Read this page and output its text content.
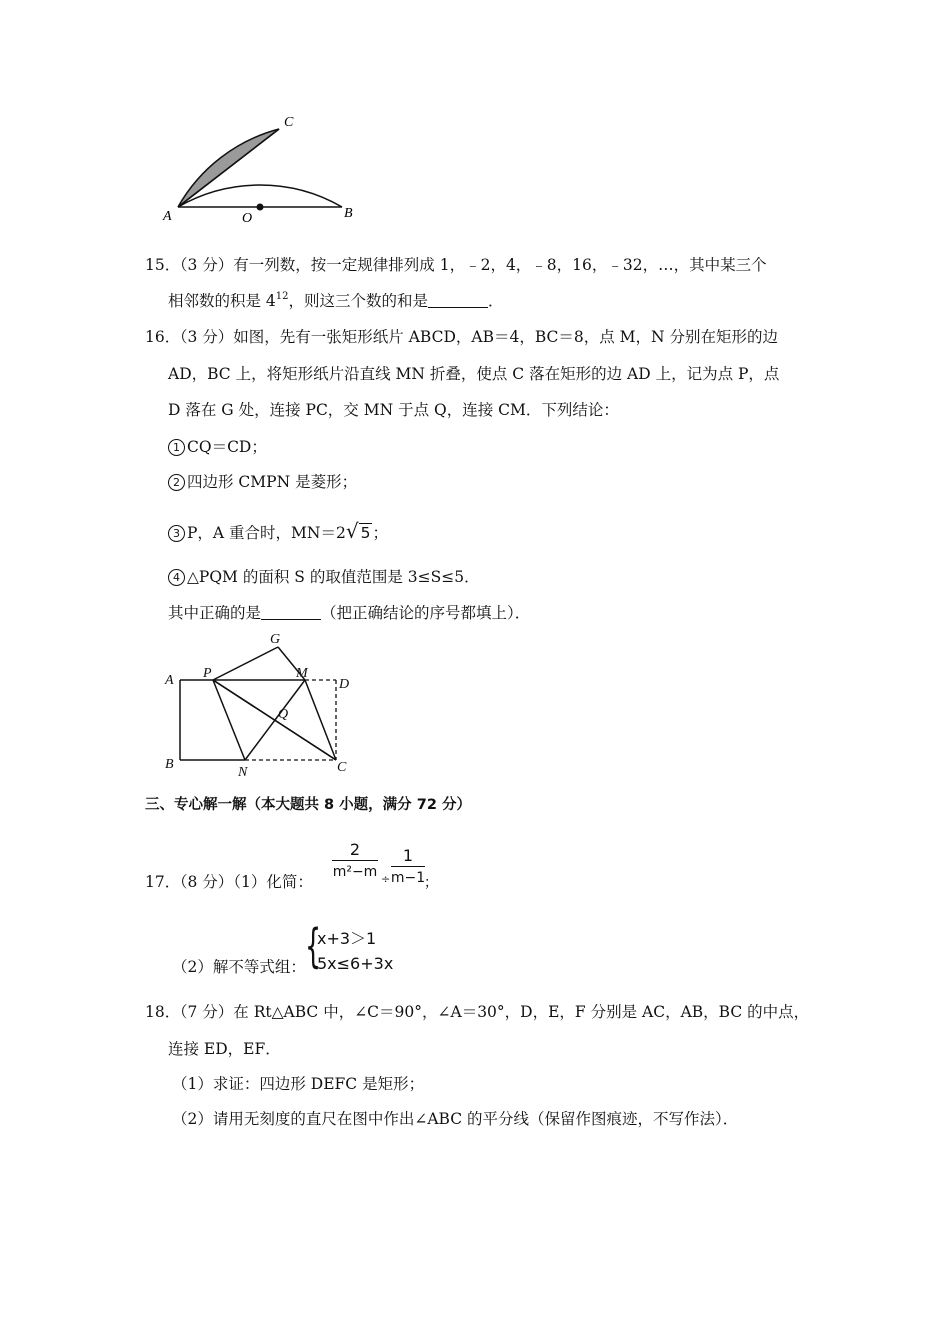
A	O	B
C
15．
（3 分）有一列数，按一定规律排列成 1，﹣2，4，﹣8，16，﹣32，…，其中某三个
相邻数的积是 $4^{12}$，则这三个数的和是	．
16．
（3 分）如图，先有一张矩形纸片 ABCD，AB＝4，BC＝8，点 M，N 分别在矩形的边
AD，BC 上，将矩形纸片沿直线 MN 折叠，使点 C 落在矩形的边 AD 上，记为点 P，点
D 落在 G 处，连接 PC，交 MN 于点 Q，连接 CM．下列结论：
1 CQ＝CD；
2 四边形 CMPN 是菱形；
3 P，A 重合时，MN＝2√ 5 ；
4 △PQM 的面积 S 的取值范围是 3≤S≤5．
其中正确的是	（把正确结论的序号都填上）．
G
A P	M
D
Q
B
N	C
三、专心解一解（本大题共 8 小题，满分 72 分）
17．
（8 分）（1）化简：
2
m²−m ÷
1
m−1
；
（2）解不等式组： {
x+3＞1
5x≤6+3x
18．
（7 分）在 Rt△ABC 中，∠C＝90°，∠A＝30°，D，E，F 分别是 AC，AB，BC 的中点，
连接 ED，EF．
（1）求证：四边形 DEFC 是矩形；
（2）请用无刻度的直尺在图中作出∠ABC 的平分线（保留作图痕迹，不写作法）．
